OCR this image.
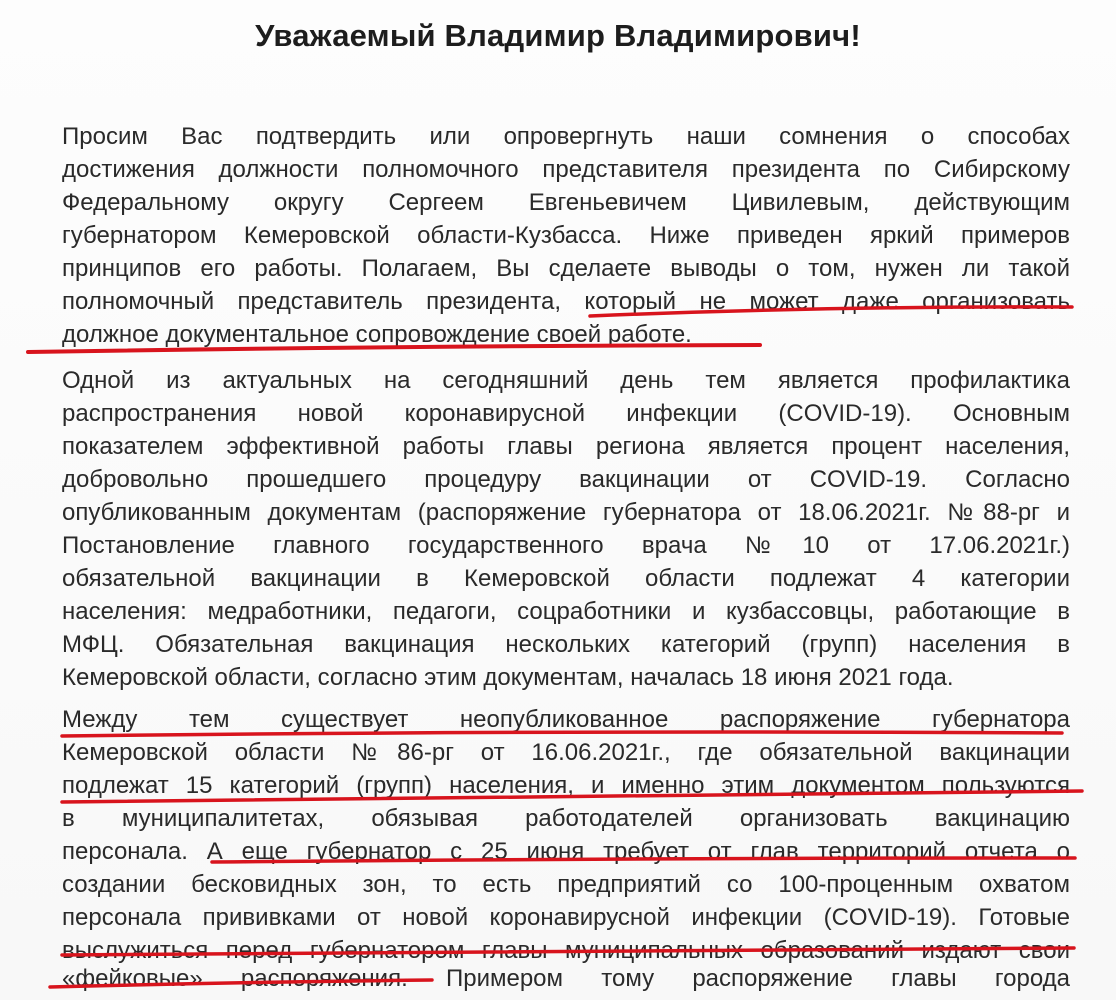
Уважаемый Владимир Владимирович!
Просим Вас подтвердить или опровергнуть наши сомнения о способах
достижения должности полномочного представителя президента по Сибирскому
Федеральному округу Сергеем Евгеньевичем Цивилевым, действующим
губернатором Кемеровской области-Кузбасса. Ниже приведен яркий примеров
принципов его работы. Полагаем, Вы сделаете выводы о том, нужен ли такой
полномочный представитель президента, который не может даже организовать
должное документальное сопровождение своей работе.
Одной из актуальных на сегодняшний день тем является профилактика
распространения новой коронавирусной инфекции (COVID-19). Основным
показателем эффективной работы главы региона является процент населения,
добровольно прошедшего процедуру вакцинации от COVID-19. Согласно
опубликованным документам (распоряжение губернатора от 18.06.2021г. №88-рг и
Постановление главного государственного врача №10 от 17.06.2021г.)
обязательной вакцинации в Кемеровской области подлежат 4 категории
населения: медработники, педагоги, соцработники и кузбассовцы, работающие в
МФЦ. Обязательная вакцинация нескольких категорий (групп) населения в
Кемеровской области, согласно этим документам, началась 18 июня 2021 года.
Между тем существует неопубликованное распоряжение губернатора
Кемеровской области №86-рг от 16.06.2021г., где обязательной вакцинации
подлежат 15 категорий (групп) населения, и именно этим документом пользуются
в муниципалитетах, обязывая работодателей организовать вакцинацию
персонала. А еще губернатор с 25 июня требует от глав территорий отчета о
создании бесковидных зон, то есть предприятий со 100-проценным охватом
персонала прививками от новой коронавирусной инфекции (COVID-19). Готовые
выслужиться перед губернатором главы муниципальных образований издают свои
«фейковые» распоряжения. Примером тому распоряжение главы города
